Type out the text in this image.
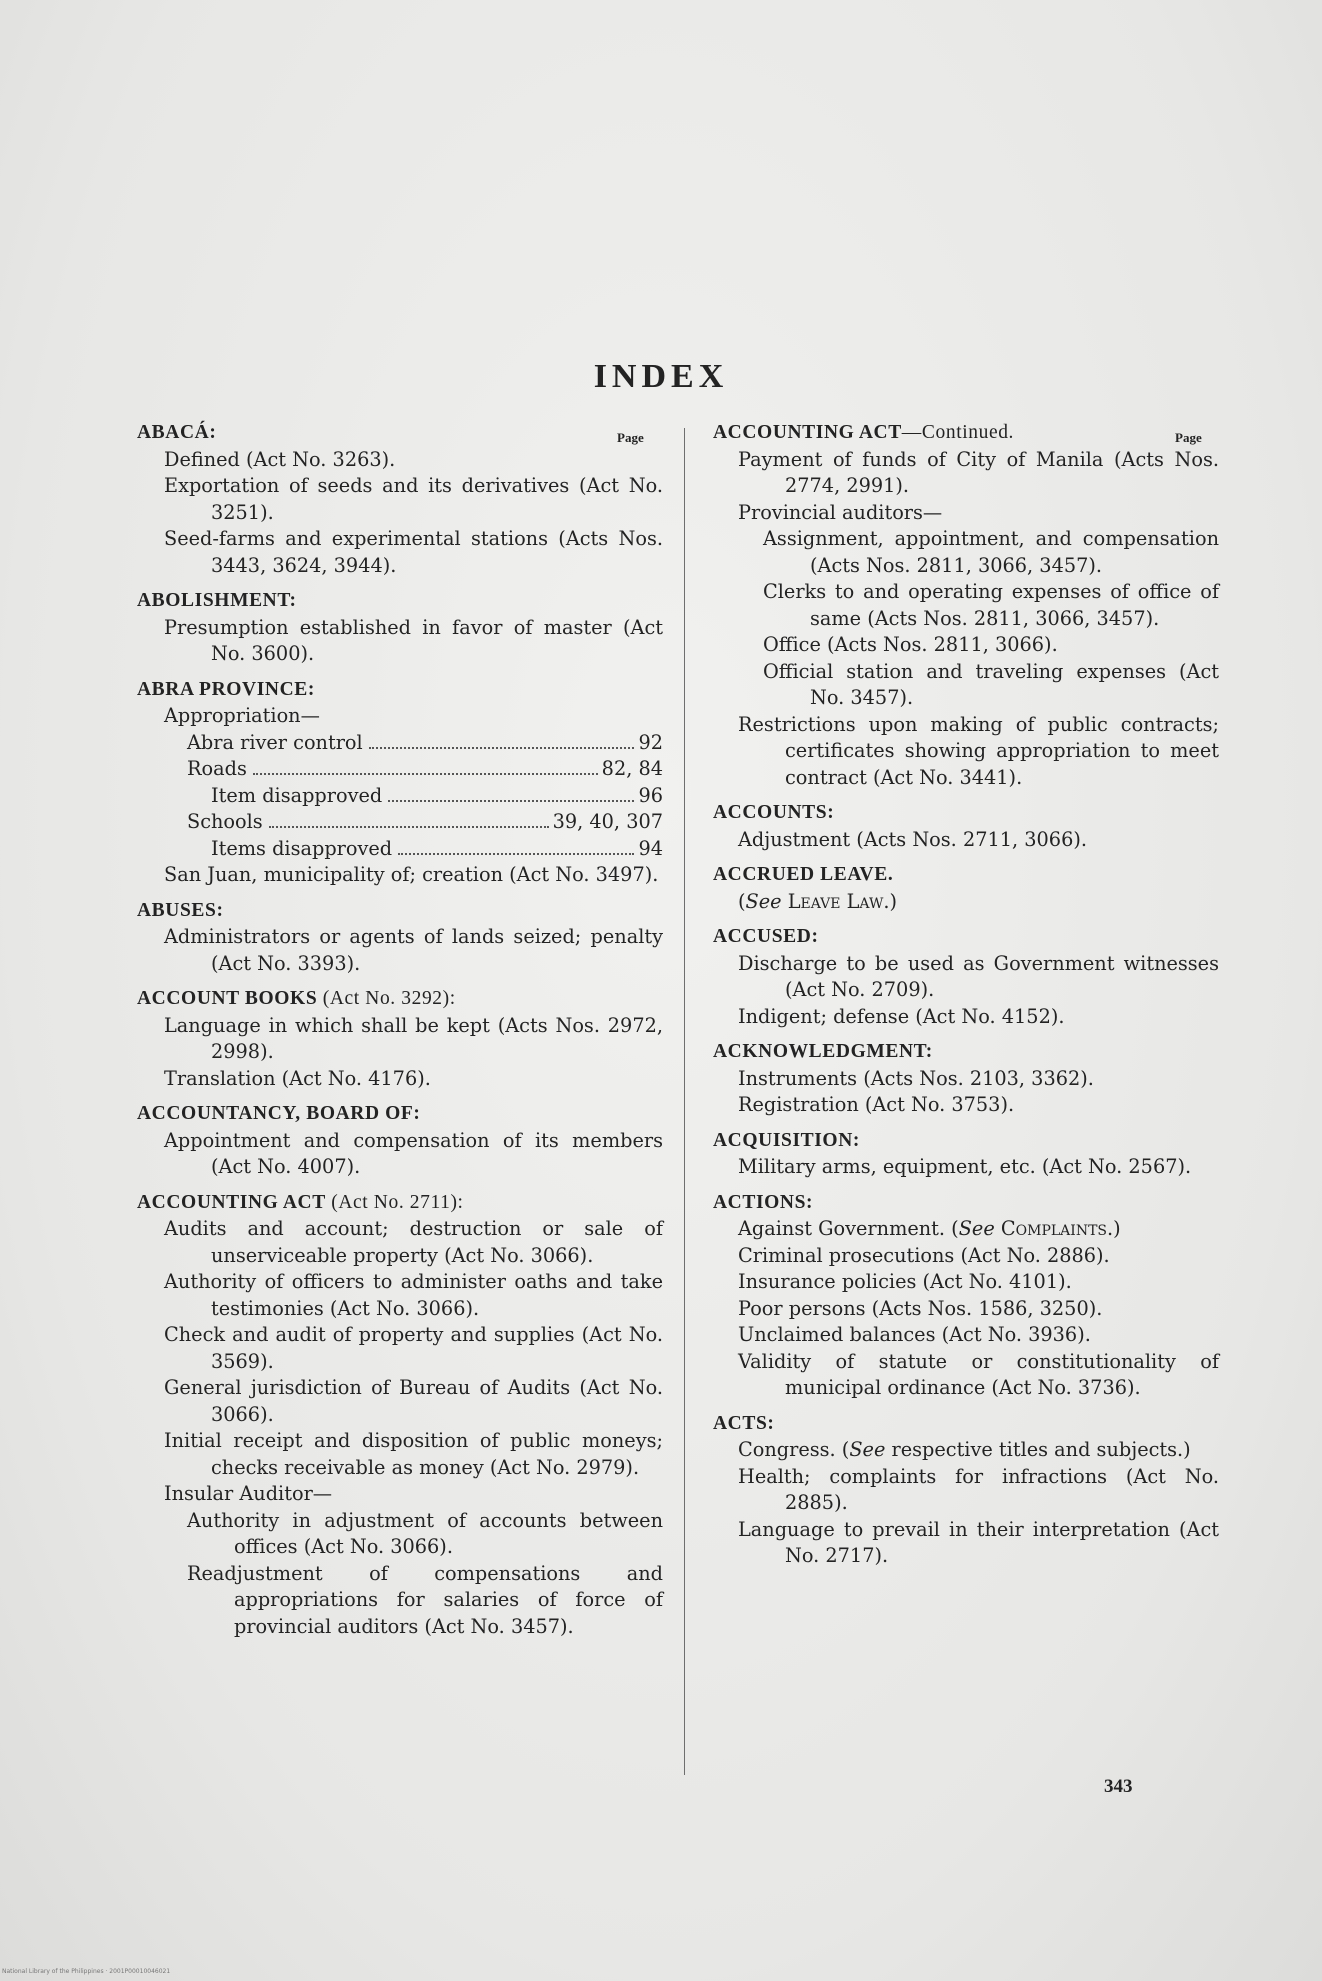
INDEX
Page	Page
ABACÁ:
Defined (Act No. 3263).
Exportation of seeds and its derivatives (Act No. 3251).
Seed-farms and experimental stations (Acts Nos. 3443, 3624, 3944).
ABOLISHMENT:
Presumption established in favor of master (Act No. 3600).
ABRA PROVINCE:
Appropriation—
Abra river control	92
Roads	82, 84
Item disapproved	96
Schools	39, 40, 307
Items disapproved	94
San Juan, municipality of; creation (Act No. 3497).
ABUSES:
Administrators or agents of lands seized; penalty (Act No. 3393).
ACCOUNT BOOKS (Act No. 3292):
Language in which shall be kept (Acts Nos. 2972, 2998).
Translation (Act No. 4176).
ACCOUNTANCY, BOARD OF:
Appointment and compensation of its members (Act No. 4007).
ACCOUNTING ACT (Act No. 2711):
Audits and account; destruction or sale of unserviceable property (Act No. 3066).
Authority of officers to administer oaths and take testimonies (Act No. 3066).
Check and audit of property and supplies (Act No. 3569).
General jurisdiction of Bureau of Audits (Act No. 3066).
Initial receipt and disposition of public moneys; checks receivable as money (Act No. 2979).
Insular Auditor—
Authority in adjustment of accounts between offices (Act No. 3066).
Readjustment of compensations and appropriations for salaries of force of provincial auditors (Act No. 3457).
ACCOUNTING ACT—Continued.
Payment of funds of City of Manila (Acts Nos. 2774, 2991).
Provincial auditors—
Assignment, appointment, and compensation (Acts Nos. 2811, 3066, 3457).
Clerks to and operating expenses of office of same (Acts Nos. 2811, 3066, 3457).
Office (Acts Nos. 2811, 3066).
Official station and traveling expenses (Act No. 3457).
Restrictions upon making of public contracts; certificates showing appropriation to meet contract (Act No. 3441).
ACCOUNTS:
Adjustment (Acts Nos. 2711, 3066).
ACCRUED LEAVE.
(See Leave Law.)
ACCUSED:
Discharge to be used as Government witnesses (Act No. 2709).
Indigent; defense (Act No. 4152).
ACKNOWLEDGMENT:
Instruments (Acts Nos. 2103, 3362).
Registration (Act No. 3753).
ACQUISITION:
Military arms, equipment, etc. (Act No. 2567).
ACTIONS:
Against Government. (See Complaints.)
Criminal prosecutions (Act No. 2886).
Insurance policies (Act No. 4101).
Poor persons (Acts Nos. 1586, 3250).
Unclaimed balances (Act No. 3936).
Validity of statute or constitutionality of municipal ordinance (Act No. 3736).
ACTS:
Congress. (See respective titles and subjects.)
Health; complaints for infractions (Act No. 2885).
Language to prevail in their interpretation (Act No. 2717).
343
National Library of the Philippines · 2001P00010046021
